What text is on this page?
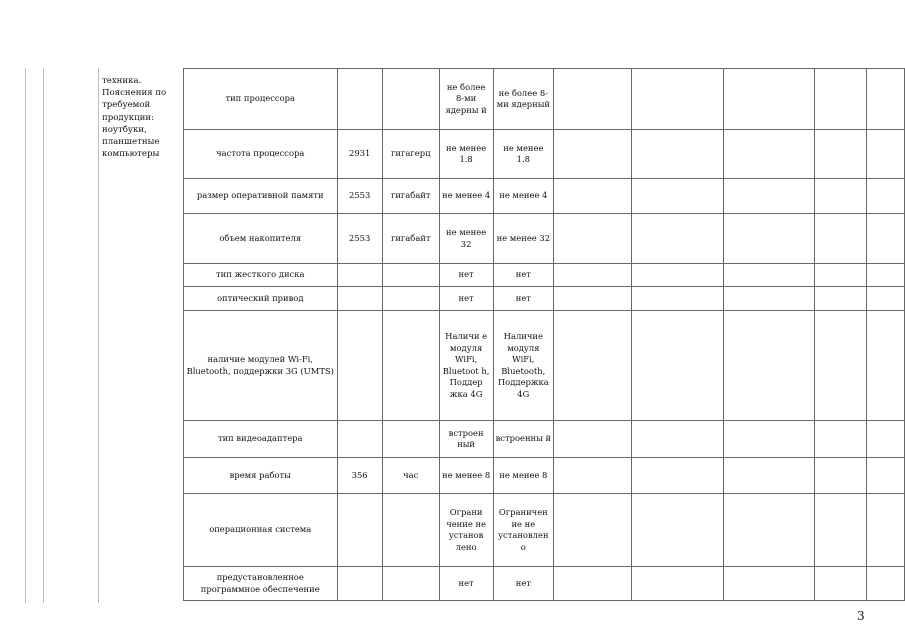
техника. Пояснения по требуемой продукции: ноутбуки, планшетные компьютеры
тип процессора			не более 8-ми ядерны й	не более 8-ми ядерный					
частота процессора	2931	гигагерц	не менее 1.8	не менее 1.8					
размер оперативной памяти	2553	гигабайт	не менее 4	не менее 4					
объем накопителя	2553	гигабайт	не менее 32	не менее 32					
тип жесткого диска			нет	нет					
оптический привод			нет	нет					
наличие модулей Wi-Fi, Bluetooth, поддержки 3G (UMTS)			Наличи е модуля WiFi, Bluetoot h, Поддер жка 4G	Наличие модуля WiFi, Bluetooth, Поддержка 4G					
тип видеоадаптера			встроен ный	встроенны й					
время работы	356	час	не менее 8	не менее 8					
операционная система			Ограни чение не установ лено	Ограничен ие не установлен о					
предустановленное программное обеспечение			нет	нет					
3
